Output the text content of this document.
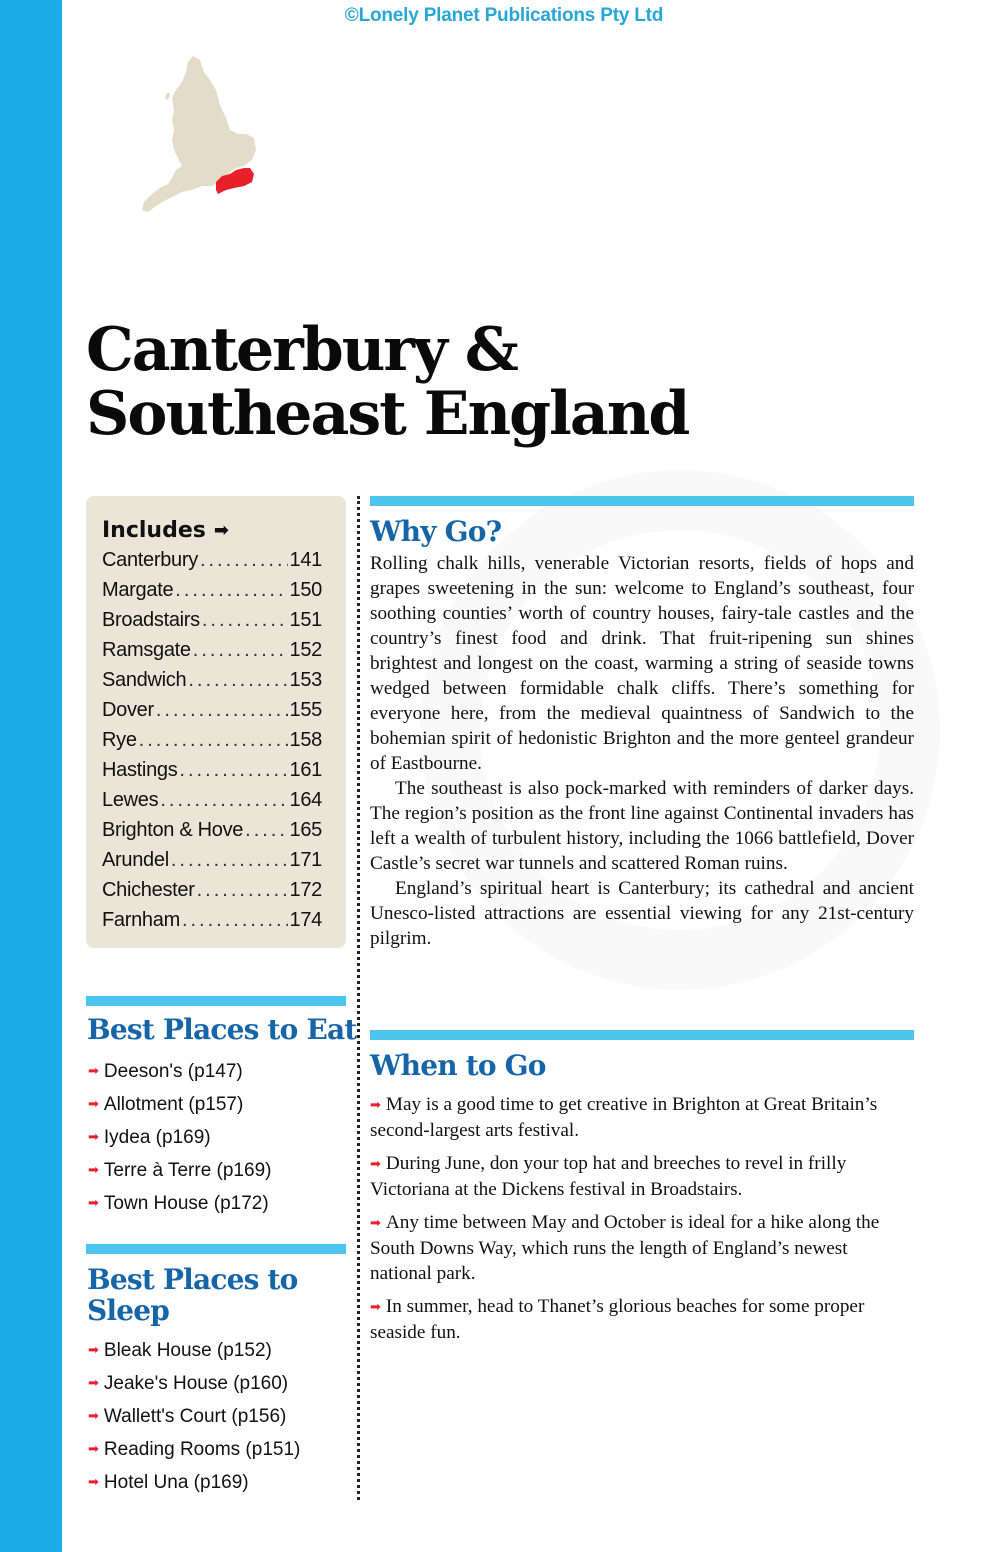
©Lonely Planet Publications Pty Ltd
Canterbury &
Southeast England
Includes ➡
Canterbury .....	141
Margate .....	150
Broadstairs .....	151
Ramsgate .....	152
Sandwich .....	153
Dover .....	155
Rye .....	158
Hastings .....	161
Lewes .....	164
Brighton & Hove ..... 165
Arundel .....	171
Chichester .....	172
Farnham .....	174
Best Places to Eat
➡ Deeson's (p147)
➡ Allotment (p157)
➡ Iydea (p169)
➡ Terre à Terre (p169)
➡ Town House (p172)
Best Places to
Sleep
➡ Bleak House (p152)
➡ Jeake's House (p160)
➡ Wallett's Court (p156)
➡ Reading Rooms (p151)
➡ Hotel Una (p169)
Why Go?

Rolling chalk hills, venerable Victorian resorts, fields of hops and grapes sweetening in the sun: welcome to England’s southeast, four soothing counties’ worth of country houses, fairy-tale castles and the country’s finest food and drink. That fruit-ripening sun shines brightest and longest on the coast, warming a string of seaside towns wedged between formidable chalk cliffs. There’s something for everyone here, from the medieval quaintness of Sandwich to the bohemian spirit of hedonistic Brighton and the more genteel grandeur of Eastbourne.

The southeast is also pock-marked with reminders of darker days. The region’s position as the front line against Continental invaders has left a wealth of turbulent history, including the 1066 battlefield, Dover Castle’s secret war tunnels and scattered Roman ruins.

England’s spiritual heart is Canterbury; its cathedral and ancient Unesco-listed attractions are essential viewing for any 21st-century pilgrim.

When to Go
➡ May is a good time to get creative in Brighton at Great Britain’s second-largest arts festival.
➡ During June, don your top hat and breeches to revel in frilly Victoriana at the Dickens festival in Broadstairs.
➡ Any time between May and October is ideal for a hike along the South Downs Way, which runs the length of England’s newest national park.
➡ In summer, head to Thanet’s glorious beaches for some proper seaside fun.
